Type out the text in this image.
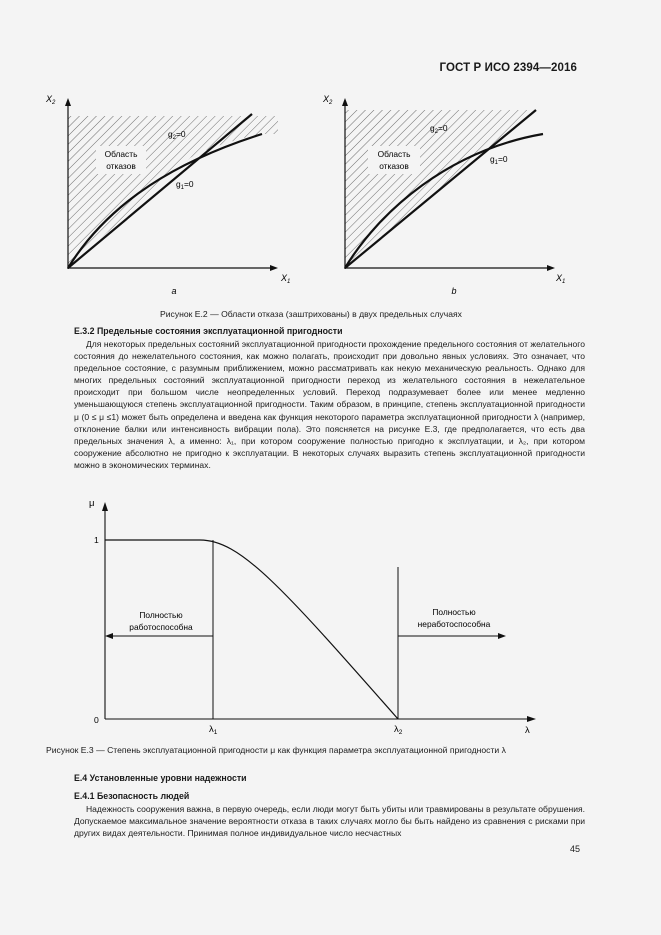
ГОСТ Р ИСО 2394—2016
Область
отказов
$g_2=0$
$g_1=0$
$X_2$
$X_1$
a
Область
отказов
$g_2=0$
$g_1=0$
$X_2$
$X_1$
b
Рисунок Е.2 — Области отказа (заштрихованы) в двух предельных случаях
Е.3.2 Предельные состояния эксплуатационной пригодности

Для некоторых предельных состояний эксплуатационной пригодности прохождение предельного состояния от желательного состояния до нежелательного состояния, как можно полагать, происходит при довольно явных условиях. Это означает, что предельное состояние, с разумным приближением, можно рассматривать как некую механическую реальность. Однако для многих предельных состояний эксплуатационной пригодности переход из желательного состояния в нежелательное происходит при большом числе неопределенных условий. Переход подразумевает более или менее медленно уменьшающуюся степень эксплуатационной пригодности. Таким образом, в принципе, степень эксплуатационной пригодности μ (0 ≤ μ ≤1) может быть определена и введена как функция некоторого параметра эксплуатационной пригодности λ (например, отклонение балки или интенсивность вибрации пола). Это поясняется на рисунке Е.3, где предполагается, что есть два предельных значения λ, а именно: λ₁, при котором сооружение полностью пригодно к эксплуатации, и λ₂, при котором сооружение абсолютно не пригодно к эксплуатации. В некоторых случаях выразить степень эксплуатационной пригодности можно в экономических терминах.

μ
λ
1
0
Полностью
работоспособна
Полностью
неработоспособна
$\lambda_1$	$\lambda_2$
Рисунок Е.3 — Степень эксплуатационной пригодности μ как функция параметра эксплуатационной пригодности λ
Е.4 Установленные уровни надежности
Е.4.1 Безопасность людей

Надежность сооружения важна, в первую очередь, если люди могут быть убиты или травмированы в результате обрушения. Допускаемое максимальное значение вероятности отказа в таких случаях могло бы быть найдено из сравнения с рисками при других видах деятельности. Принимая полное индивидуальное число несчастных

45
